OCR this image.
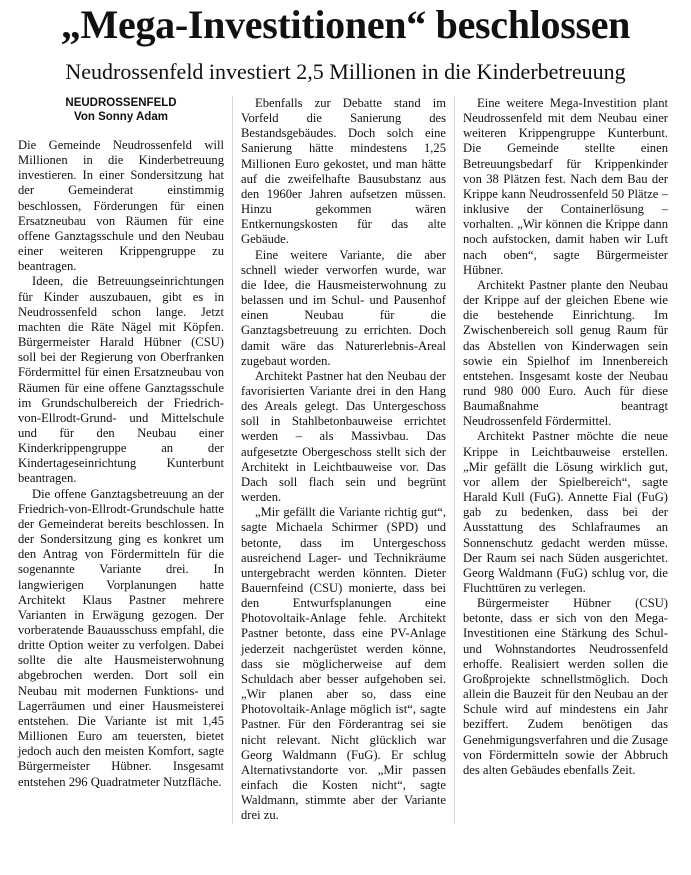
„Mega-Investitionen“ beschlossen
Neudrossenfeld investiert 2,5 Millionen in die Kinderbetreuung
NEUDROSSENFELD
Von Sonny Adam

Die Gemeinde Neudrossenfeld will Millionen in die Kinderbetreuung investieren. In einer Sondersitzung hat der Gemeinderat einstimmig beschlossen, Förderungen für einen Ersatzneubau von Räumen für eine offene Ganztagsschule und den Neubau einer weiteren Krippengruppe zu beantragen.

Ideen, die Betreuungseinrichtungen für Kinder auszubauen, gibt es in Neudrossenfeld schon lange. Jetzt machten die Räte Nägel mit Köpfen. Bürgermeister Harald Hübner (CSU) soll bei der Regierung von Oberfranken Fördermittel für einen Ersatzneubau von Räumen für eine offene Ganztagsschule im Grundschulbereich der Friedrich-von-Ellrodt-Grund- und Mittelschule und für den Neubau einer Kinderkrippengruppe an der Kindertageseinrichtung Kunterbunt beantragen.

Die offene Ganztagsbetreuung an der Friedrich-von-Ellrodt-Grundschule hatte der Gemeinderat bereits beschlossen. In der Sondersitzung ging es konkret um den Antrag von Fördermitteln für die sogenannte Variante drei. In langwierigen Vorplanungen hatte Architekt Klaus Pastner mehrere Varianten in Erwägung gezogen. Der vorberatende Bauausschuss empfahl, die dritte Option weiter zu verfolgen. Dabei sollte die alte Hausmeisterwohnung abgebrochen werden. Dort soll ein Neubau mit modernen Funktions- und Lagerräumen und einer Hausmeisterei entstehen. Die Variante ist mit 1,45 Millionen Euro am teuersten, bietet jedoch auch den meisten Komfort, sagte Bürgermeister Hübner. Insgesamt entstehen 296 Quadratmeter Nutzfläche.

Ebenfalls zur Debatte stand im Vorfeld die Sanierung des Bestandsgebäudes. Doch solch eine Sanierung hätte mindestens 1,25 Millionen Euro gekostet, und man hätte auf die zweifelhafte Bausubstanz aus den 1960er Jahren aufsetzen müssen. Hinzu gekommen wären Entkernungskosten für das alte Gebäude.

Eine weitere Variante, die aber schnell wieder verworfen wurde, war die Idee, die Hausmeisterwohnung zu belassen und im Schul- und Pausenhof einen Neubau für die Ganztagsbetreuung zu errichten. Doch damit wäre das Naturerlebnis-Areal zugebaut worden.

Architekt Pastner hat den Neubau der favorisierten Variante drei in den Hang des Areals gelegt. Das Untergeschoss soll in Stahlbetonbauweise errichtet werden – als Massivbau. Das aufgesetzte Obergeschoss stellt sich der Architekt in Leichtbauweise vor. Das Dach soll flach sein und begrünt werden.

„Mir gefällt die Variante richtig gut“, sagte Michaela Schirmer (SPD) und betonte, dass im Untergeschoss ausreichend Lager- und Technikräume untergebracht werden könnten. Dieter Bauernfeind (CSU) monierte, dass bei den Entwurfsplanungen eine Photovoltaik-Anlage fehle. Architekt Pastner betonte, dass eine PV-Anlage jederzeit nachgerüstet werden könne, dass sie möglicherweise auf dem Schuldach aber besser aufgehoben sei. „Wir planen aber so, dass eine Photovoltaik-Anlage möglich ist“, sagte Pastner. Für den Förderantrag sei sie nicht relevant. Nicht glücklich war Georg Waldmann (FuG). Er schlug Alternativstandorte vor. „Mir passen einfach die Kosten nicht“, sagte Waldmann, stimmte aber der Variante drei zu.

Eine weitere Mega-Investition plant Neudrossenfeld mit dem Neubau einer weiteren Krippengruppe Kunterbunt. Die Gemeinde stellte einen Betreuungsbedarf für Krippenkinder von 38 Plätzen fest. Nach dem Bau der Krippe kann Neudrossenfeld 50 Plätze – inklusive der Containerlösung – vorhalten. „Wir können die Krippe dann noch aufstocken, damit haben wir Luft nach oben“, sagte Bürgermeister Hübner.

Architekt Pastner plante den Neubau der Krippe auf der gleichen Ebene wie die bestehende Einrichtung. Im Zwischenbereich soll genug Raum für das Abstellen von Kinderwagen sein sowie ein Spielhof im Innenbereich entstehen. Insgesamt koste der Neubau rund 980 000 Euro. Auch für diese Baumaßnahme beantragt Neudrossenfeld Fördermittel.

Architekt Pastner möchte die neue Krippe in Leichtbauweise erstellen. „Mir gefällt die Lösung wirklich gut, vor allem der Spielbereich“, sagte Harald Kull (FuG). Annette Fial (FuG) gab zu bedenken, dass bei der Ausstattung des Schlafraumes an Sonnenschutz gedacht werden müsse. Der Raum sei nach Süden ausgerichtet. Georg Waldmann (FuG) schlug vor, die Fluchttüren zu verlegen.

Bürgermeister Hübner (CSU) betonte, dass er sich von den Mega-Investitionen eine Stärkung des Schul- und Wohnstandortes Neudrossenfeld erhoffe. Realisiert werden sollen die Großprojekte schnellstmöglich. Doch allein die Bauzeit für den Neubau an der Schule wird auf mindestens ein Jahr beziffert. Zudem benötigen das Genehmigungsverfahren und die Zusage von Fördermitteln sowie der Abbruch des alten Gebäudes ebenfalls Zeit.
